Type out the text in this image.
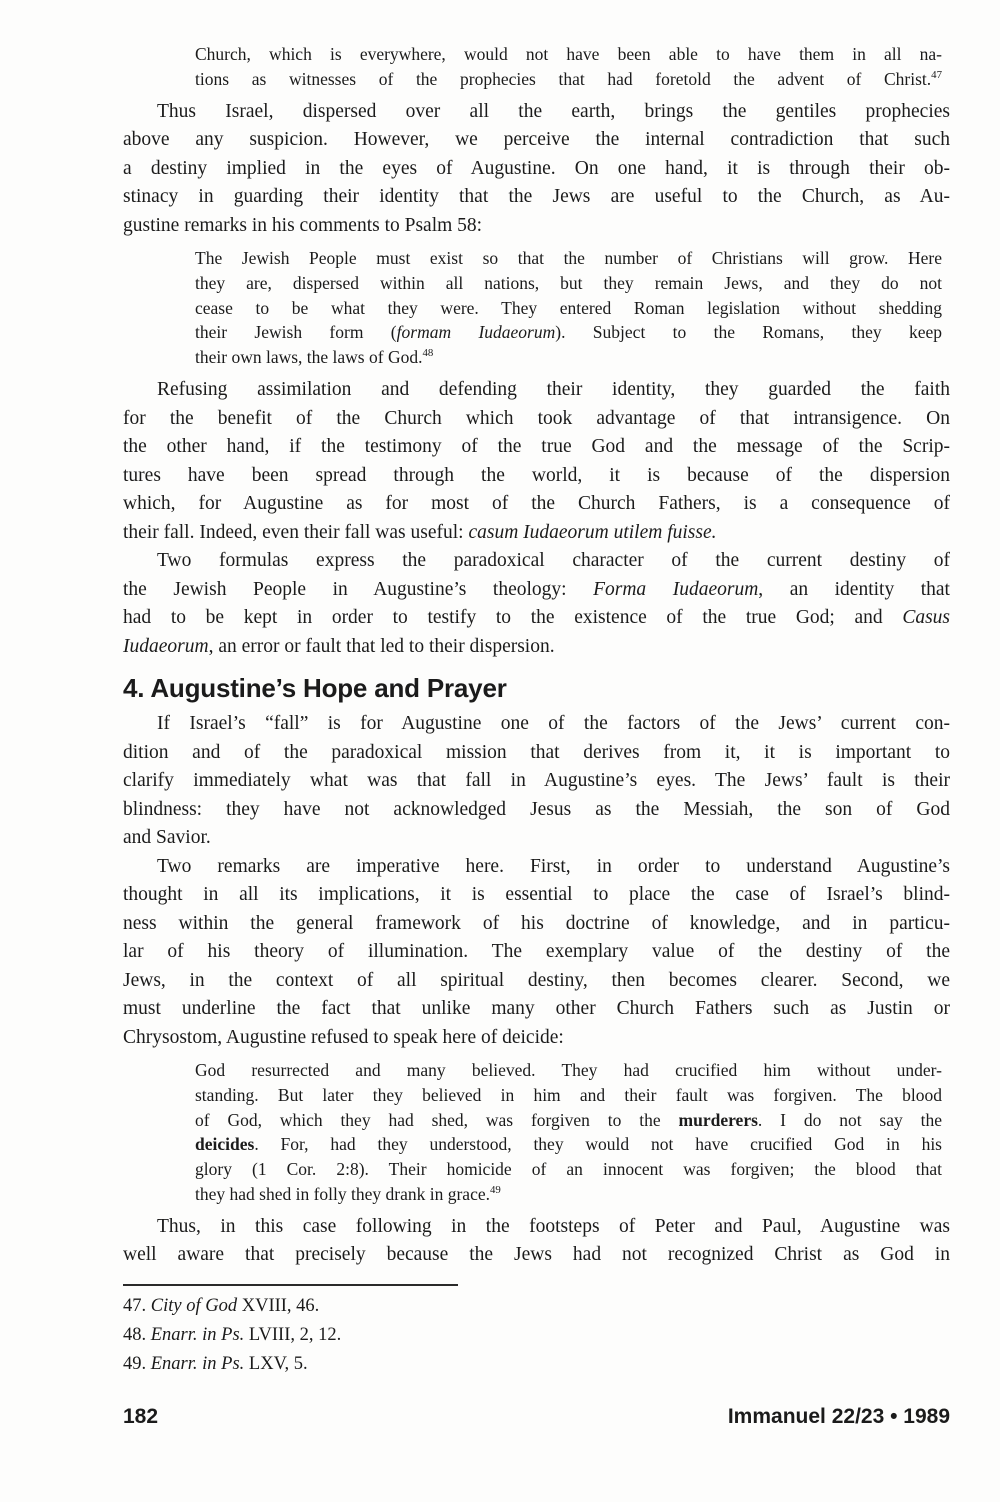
Church, which is everywhere, would not have been able to have them in all na-
tions as witnesses of the prophecies that had foretold the advent of Christ.$^{47}$
Thus Israel, dispersed over all the earth, brings the gentiles prophecies
above any suspicion. However, we perceive the internal contradiction that such
a destiny implied in the eyes of Augustine. On one hand, it is through their ob-
stinacy in guarding their identity that the Jews are useful to the Church, as Au-
gustine remarks in his comments to Psalm 58:
The Jewish People must exist so that the number of Christians will grow. Here
they are, dispersed within all nations, but they remain Jews, and they do not
cease to be what they were. They entered Roman legislation without shedding
their Jewish form (formam Iudaeorum). Subject to the Romans, they keep
their own laws, the laws of God.$^{48}$
Refusing assimilation and defending their identity, they guarded the faith
for the benefit of the Church which took advantage of that intransigence. On
the other hand, if the testimony of the true God and the message of the Scrip-
tures have been spread through the world, it is because of the dispersion
which, for Augustine as for most of the Church Fathers, is a consequence of
their fall. Indeed, even their fall was useful: casum Iudaeorum utilem fuisse.
Two formulas express the paradoxical character of the current destiny of
the Jewish People in Augustine’s theology: Forma Iudaeorum, an identity that
had to be kept in order to testify to the existence of the true God; and Casus
Iudaeorum, an error or fault that led to their dispersion.
4. Augustine’s Hope and Prayer
If Israel’s “fall” is for Augustine one of the factors of the Jews’ current con-
dition and of the paradoxical mission that derives from it, it is important to
clarify immediately what was that fall in Augustine’s eyes. The Jews’ fault is their
blindness: they have not acknowledged Jesus as the Messiah, the son of God
and Savior.
Two remarks are imperative here. First, in order to understand Augustine’s
thought in all its implications, it is essential to place the case of Israel’s blind-
ness within the general framework of his doctrine of knowledge, and in particu-
lar of his theory of illumination. The exemplary value of the destiny of the
Jews, in the context of all spiritual destiny, then becomes clearer. Second, we
must underline the fact that unlike many other Church Fathers such as Justin or
Chrysostom, Augustine refused to speak here of deicide:
God resurrected and many believed. They had crucified him without under-
standing. But later they believed in him and their fault was forgiven. The blood
of God, which they had shed, was forgiven to the murderers. I do not say the
deicides. For, had they understood, they would not have crucified God in his
glory (1 Cor. 2:8). Their homicide of an innocent was forgiven; the blood that
they had shed in folly they drank in grace.$^{49}$
Thus, in this case following in the footsteps of Peter and Paul, Augustine was
well aware that precisely because the Jews had not recognized Christ as God in
47. City of God XVIII, 46.
48. Enarr. in Ps. LVIII, 2, 12.
49. Enarr. in Ps. LXV, 5.
182	Immanuel 22/23 • 1989
